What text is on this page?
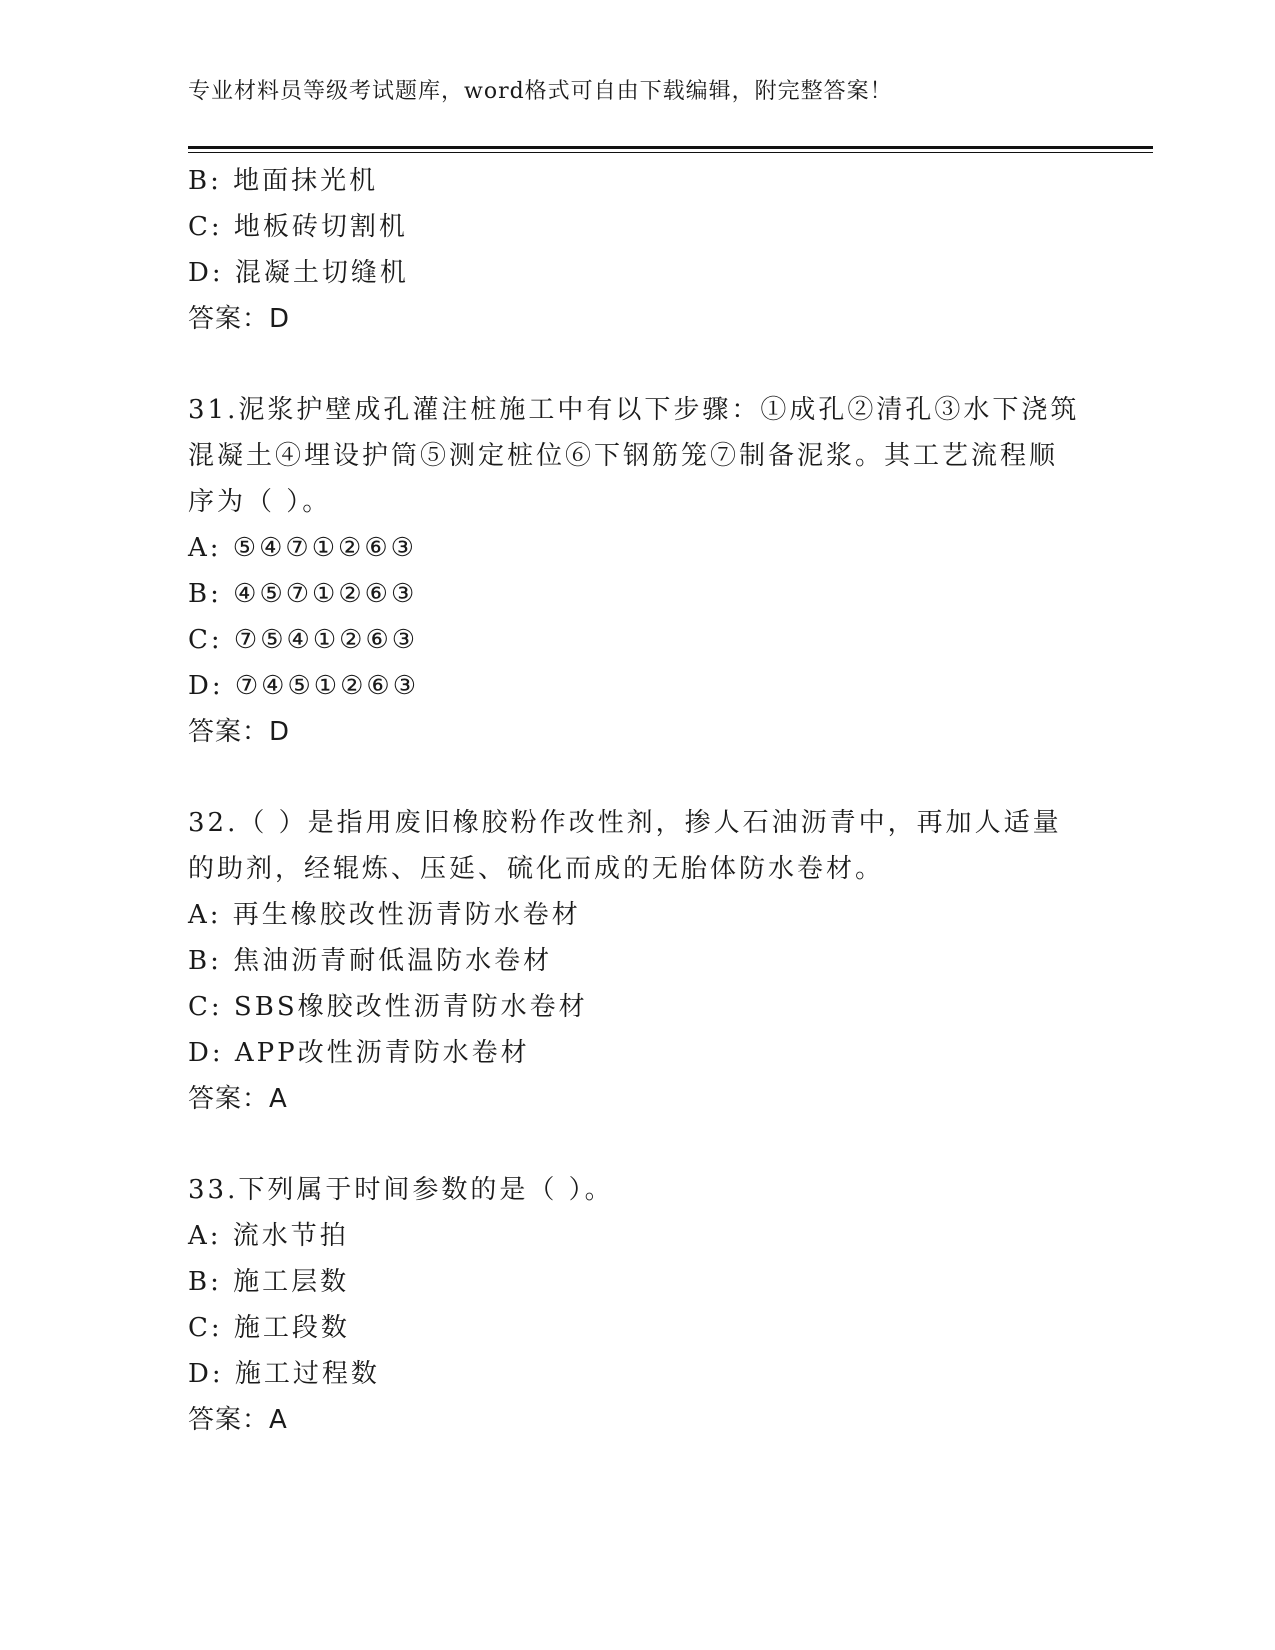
专业材料员等级考试题库，word格式可自由下载编辑，附完整答案！
B: 地面抹光机
C: 地板砖切割机
D: 混凝土切缝机
答案：D
31.泥浆护壁成孔灌注桩施工中有以下步骤：①成孔②清孔③水下浇筑
混凝土④埋设护筒⑤测定桩位⑥下钢筋笼⑦制备泥浆。其工艺流程顺
序为（ ）。
A: ⑤④⑦①②⑥③
B: ④⑤⑦①②⑥③
C: ⑦⑤④①②⑥③
D: ⑦④⑤①②⑥③
答案：D
32.（ ）是指用废旧橡胶粉作改性剂，掺人石油沥青中，再加人适量
的助剂，经辊炼、压延、硫化而成的无胎体防水卷材。
A: 再生橡胶改性沥青防水卷材
B: 焦油沥青耐低温防水卷材
C: SBS橡胶改性沥青防水卷材
D: APP改性沥青防水卷材
答案：A
33.下列属于时间参数的是（ ）。
A: 流水节拍
B: 施工层数
C: 施工段数
D: 施工过程数
答案：A
